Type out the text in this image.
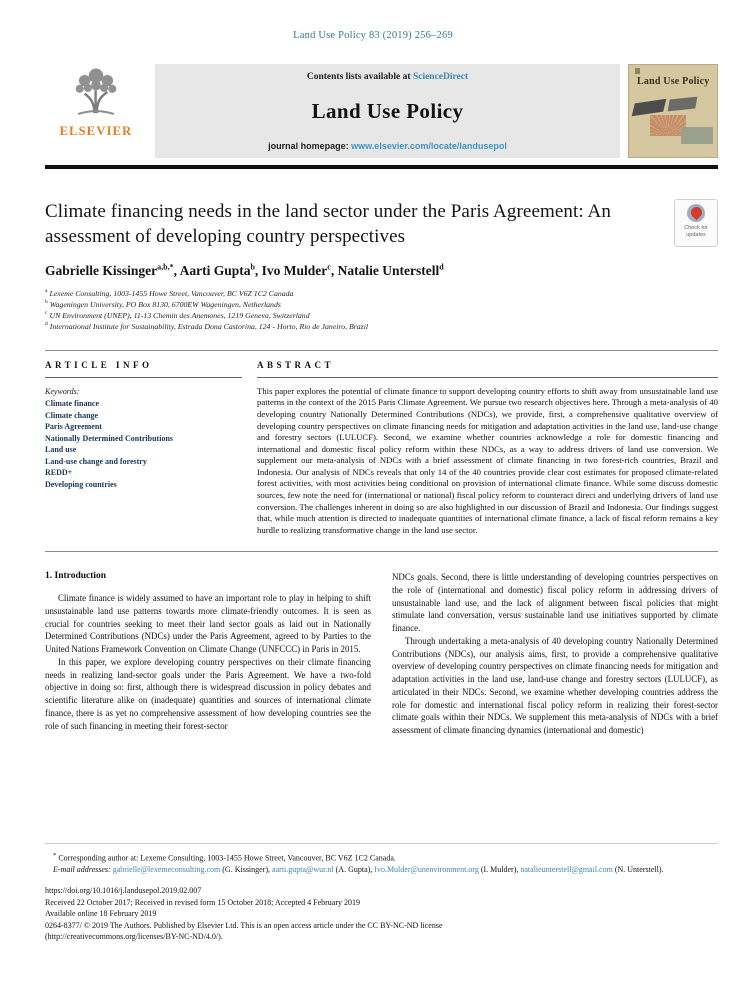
Land Use Policy 83 (2019) 256–269
ELSEVIER
Contents lists available at ScienceDirect
Land Use Policy
journal homepage: www.elsevier.com/locate/landusepol
Land Use Policy
Climate financing needs in the land sector under the Paris Agreement: An assessment of developing country perspectives	Check for updates
Gabrielle Kissinger$^{a,b,*}$, Aarti Gupta$^b$, Ivo Mulder$^c$, Natalie Unterstell$^d$
$^a$ Lexeme Consulting, 1003-1455 Howe Street, Vancouver, BC V6Z 1C2 Canada
$^b$ Wageningen University, PO Box 8130, 6700EW Wageningen, Netherlands
$^c$ UN Environment (UNEP), 11-13 Chemin des Anemones, 1219 Geneva, Switzerland
$^d$ International Institute for Sustainability, Estrada Dona Castorina, 124 - Horto, Rio de Janeiro, Brazil
ARTICLE INFO
Keywords:
Climate finance
Climate change
Paris Agreement
Nationally Determined Contributions
Land use
Land-use change and forestry
REDD+
Developing countries
ABSTRACT

This paper explores the potential of climate finance to support developing country efforts to shift away from unsustainable land use patterns in the context of the 2015 Paris Climate Agreement. We pursue two research objectives here. Through a meta-analysis of 40 developing country Nationally Determined Contributions (NDCs), we provide, first, a comprehensive qualitative overview of developing country perspectives on climate financing needs for mitigation and adaptation activities in the land use, land-use change and forestry sectors (LULUCF). Second, we examine whether countries acknowledge a role for domestic financing and international and domestic fiscal policy reform within these NDCs, as a way to address drivers of land use conversion. We supplement our meta-analysis of NDCs with a brief assessment of climate financing in two forest-rich countries, Brazil and Indonesia. Our analysis of NDCs reveals that only 14 of the 40 countries provide clear cost estimates for proposed climate-related forest activities, with most activities being conditional on provision of international climate finance. While some discuss domestic sources, few note the need for (international or national) fiscal policy reform to counteract direct and underlying drivers of land use conversion. The challenges inherent in doing so are also highlighted in our discussion of Brazil and Indonesia. Our findings suggest that, while much attention is directed to inadequate quantities of international climate finance, a lack of fiscal reform remains a key hurdle to realizing transformative change in the land use sector.

1. Introduction

Climate finance is widely assumed to have an important role to play in helping to shift unsustainable land use patterns towards more climate-friendly outcomes. It is seen as crucial for countries seeking to meet their land sector goals as laid out in Nationally Determined Contributions (NDCs) under the Paris Agreement, agreed to by Parties to the United Nations Framework Convention on Climate Change (UNFCCC) in Paris in 2015.

In this paper, we explore developing country perspectives on their climate financing needs in realizing land-sector goals under the Paris Agreement. We have a two-fold objective in doing so: first, although there is widespread discussion in policy debates and scientific literature alike on (inadequate) quantities and sources of international climate finance, there is as yet no comprehensive assessment of how developing countries see the role of such financing in meeting their forest-sector

NDCs goals. Second, there is little understanding of developing countries perspectives on the role of (international and domestic) fiscal policy reform in addressing drivers of unsustainable land use, and the lack of alignment between fiscal policies that might stimulate land conversation, versus sustainable land use initiatives supported by climate finance.

Through undertaking a meta-analysis of 40 developing country Nationally Determined Contributions (NDCs), our analysis aims, first, to provide a comprehensive qualitative overview of developing country perspectives on climate financing needs for mitigation and adaptation activities in the land use, land-use change and forestry sectors (LULUCF), as articulated in their NDCs. Second, we examine whether developing countries address the role for domestic and international fiscal policy reform in realizing their forest-sector climate goals within their NDCs. We supplement this meta-analysis of NDCs with a brief assessment of climate financing dynamics (international and domestic)

* Corresponding author at: Lexeme Consulting, 1003-1455 Howe Street, Vancouver, BC V6Z 1C2 Canada.

E-mail addresses: gabrielle@lexemeconsulting.com (G. Kissinger), aarti.gupta@wur.nl (A. Gupta), Ivo.Mulder@unenvironment.org (I. Mulder), natalieunterstell@gmail.com (N. Unterstell).

https://doi.org/10.1016/j.landusepol.2019.02.007

Received 22 October 2017; Received in revised form 15 October 2018; Accepted 4 February 2019

Available online 18 February 2019

0264-8377/ © 2019 The Authors. Published by Elsevier Ltd. This is an open access article under the CC BY-NC-ND license

(http://creativecommons.org/licenses/BY-NC-ND/4.0/).
